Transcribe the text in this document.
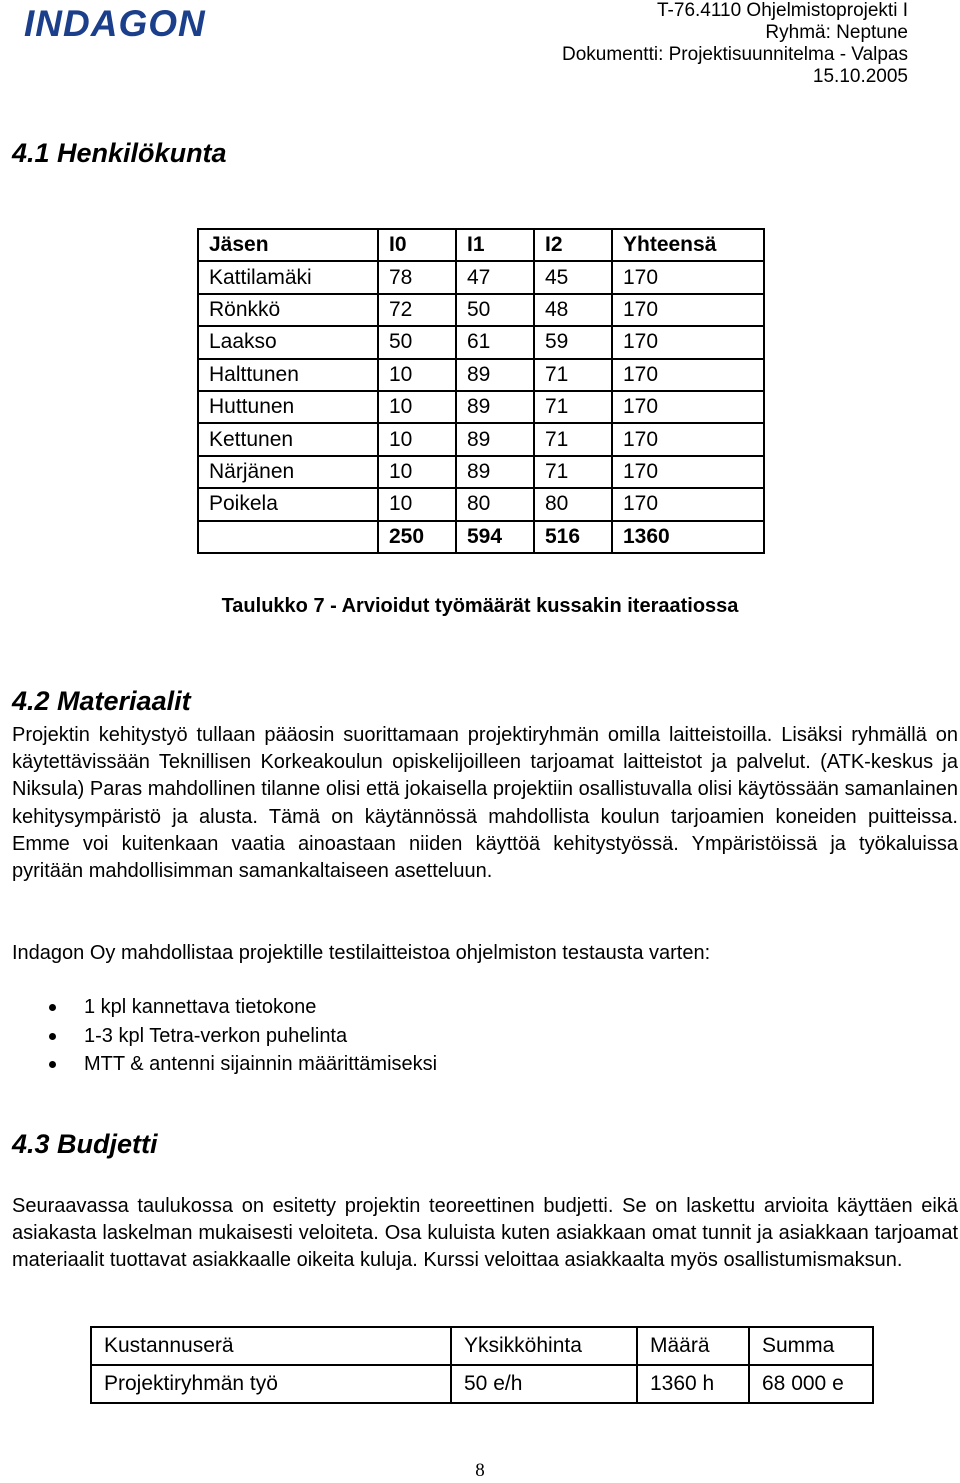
INDAGON	T-76.4110 Ohjelmistoprojekti I
Ryhmä: Neptune
Dokumentti: Projektisuunnitelma - Valpas
15.10.2005
4.1 Henkilökunta
Jäsen	I0	I1	I2	Yhteensä
Kattilamäki	78	47	45	170
Rönkkö	72	50	48	170
Laakso	50	61	59	170
Halttunen	10	89	71	170
Huttunen	10	89	71	170
Kettunen	10	89	71	170
Närjänen	10	89	71	170
Poikela	10	80	80	170
	250	594	516	1360
Taulukko 7 - Arvioidut työmäärät kussakin iteraatiossa
4.2 Materiaalit

Projektin kehitystyö tullaan pääosin suorittamaan projektiryhmän omilla laitteistoilla. Lisäksi ryhmällä on käytettävissään Teknillisen Korkeakoulun opiskelijoilleen tarjoamat laitteistot ja palvelut. (ATK-keskus ja Niksula) Paras mahdollinen tilanne olisi että jokaisella projektiin osallistuvalla olisi käytössään samanlainen kehitysympäristö ja alusta. Tämä on käytännössä mahdollista koulun tarjoamien koneiden puitteissa. Emme voi kuitenkaan vaatia ainoastaan niiden käyttöä kehitystyössä. Ympäristöissä ja työkaluissa pyritään mahdollisimman samankaltaiseen asetteluun.

Indagon Oy mahdollistaa projektille testilaitteistoa ohjelmiston testausta varten:

1 kpl kannettava tietokone
1-3 kpl Tetra-verkon puhelinta
MTT & antenni sijainnin määrittämiseksi
4.3 Budjetti

Seuraavassa taulukossa on esitetty projektin teoreettinen budjetti. Se on laskettu arvioita käyttäen eikä asiakasta laskelman mukaisesti veloiteta. Osa kuluista kuten asiakkaan omat tunnit ja asiakkaan tarjoamat materiaalit tuottavat asiakkaalle oikeita kuluja. Kurssi veloittaa asiakkaalta myös osallistumismaksun.

Kustannuserä	Yksikköhinta	Määrä	Summa
Projektiryhmän työ	50 e/h	1360 h	68 000 e
8
